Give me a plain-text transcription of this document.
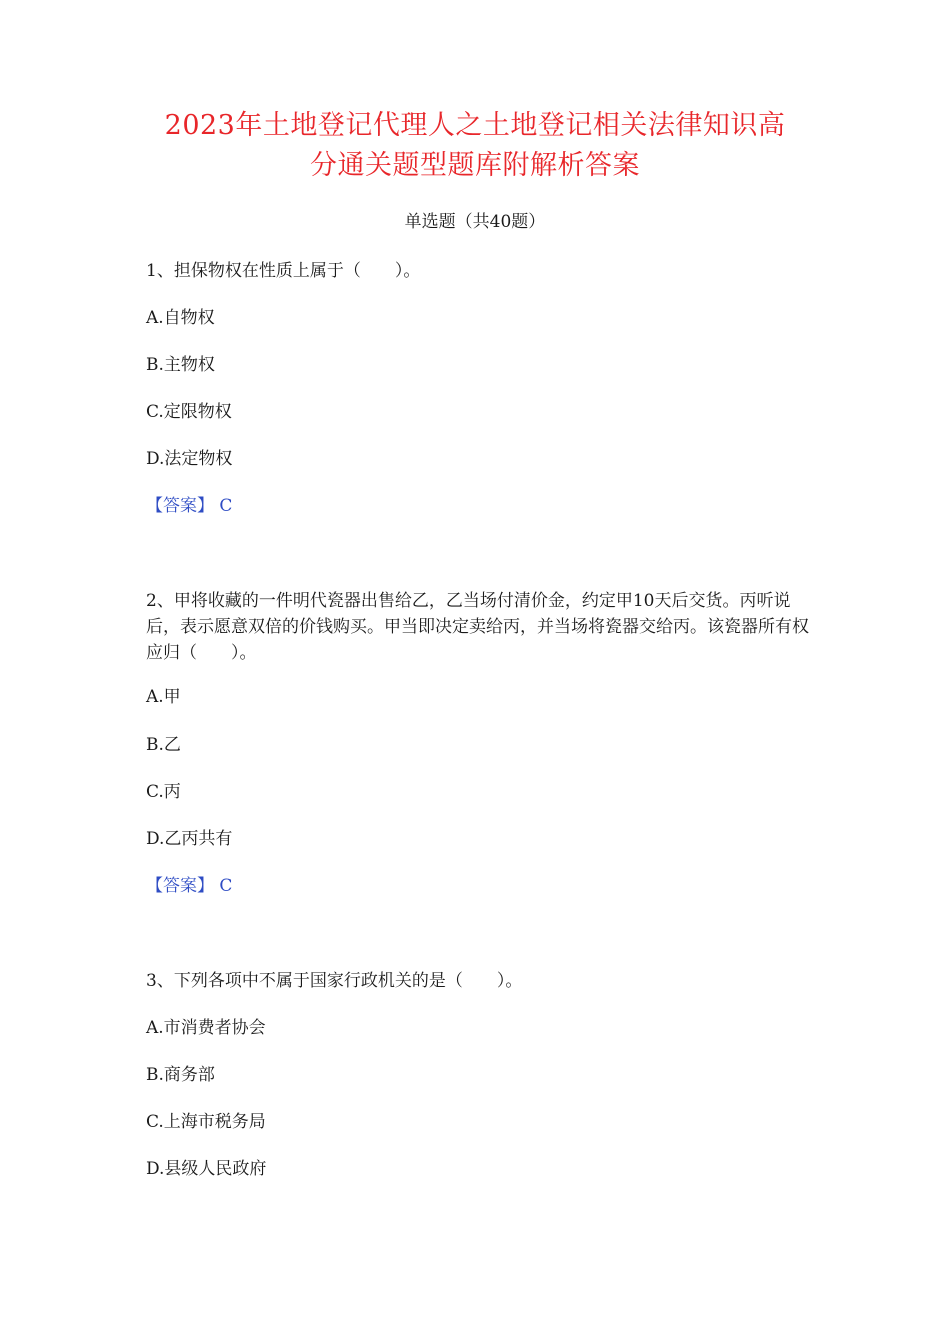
2023年土地登记代理人之土地登记相关法律知识高
分通关题型题库附解析答案
单选题（共40题）
1、担保物权在性质上属于（　　）。
A.自物权
B.主物权
C.定限物权
D.法定物权
【答案】 C
2、甲将收藏的一件明代瓷器出售给乙，乙当场付清价金，约定甲10天后交货。丙听说后，表示愿意双倍的价钱购买。甲当即决定卖给丙，并当场将瓷器交给丙。该瓷器所有权应归（　　）。
A.甲
B.乙
C.丙
D.乙丙共有
【答案】 C
3、下列各项中不属于国家行政机关的是（　　）。
A.市消费者协会
B.商务部
C.上海市税务局
D.县级人民政府
